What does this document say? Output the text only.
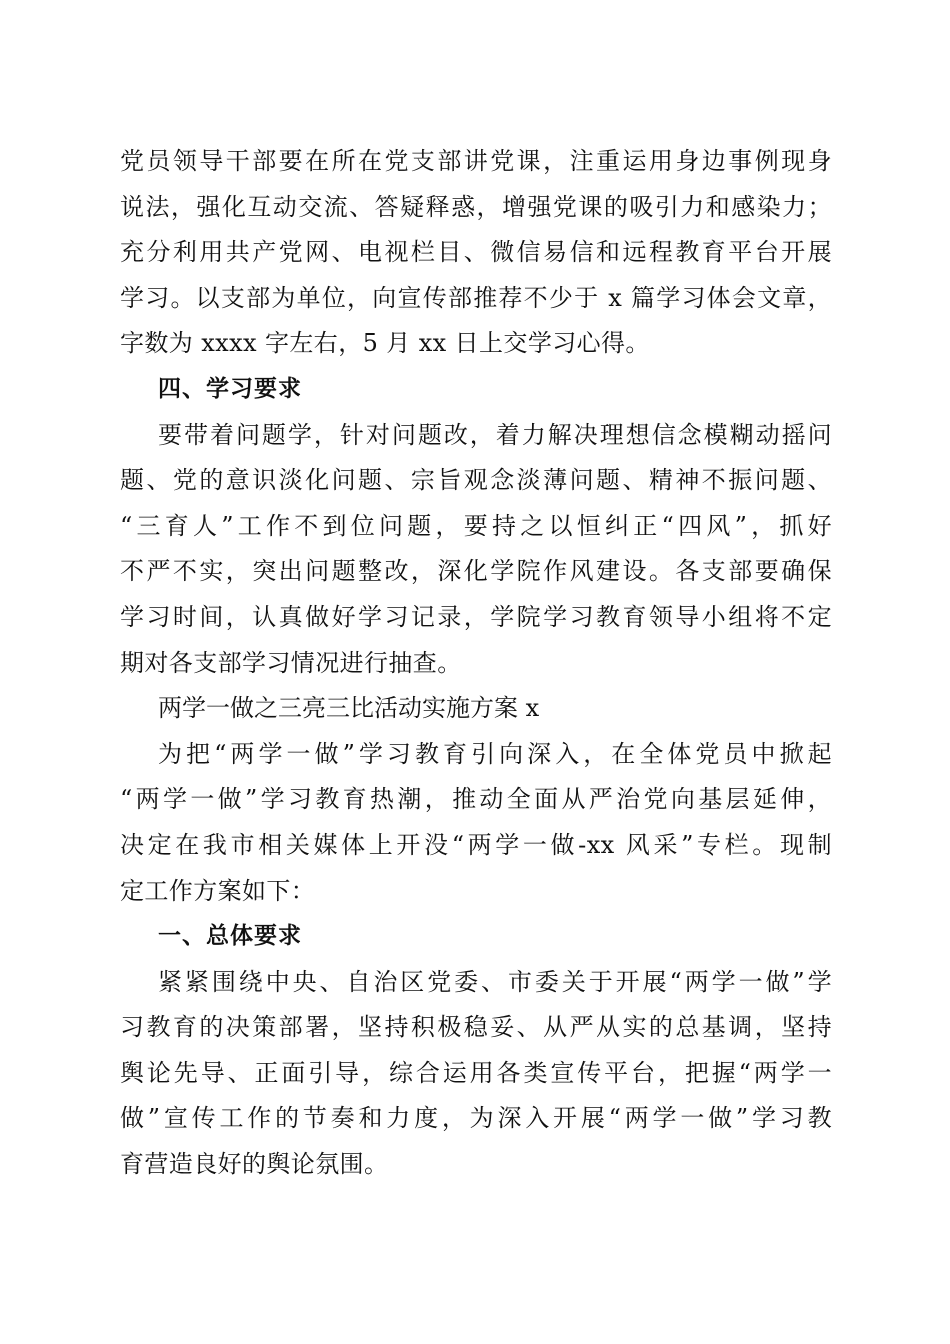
党员领导干部要在所在党支部讲党课，注重运用身边事例现身
说法，强化互动交流、答疑释惑，增强党课的吸引力和感染力；
充分利用共产党网、电视栏目、微信易信和远程教育平台开展
学习。以支部为单位，向宣传部推荐不少于 x 篇学习体会文章，
字数为 xxxx 字左右，5 月 xx 日上交学习心得。
四、学习要求
要带着问题学，针对问题改，着力解决理想信念模糊动摇问
题、党的意识淡化问题、宗旨观念淡薄问题、精神不振问题、
“三育人”工作不到位问题，要持之以恒纠正“四风”，抓好
不严不实，突出问题整改，深化学院作风建设。各支部要确保
学习时间，认真做好学习记录，学院学习教育领导小组将不定
期对各支部学习情况进行抽查。
两学一做之三亮三比活动实施方案 x
为把“两学一做”学习教育引向深入，在全体党员中掀起
“两学一做”学习教育热潮，推动全面从严治党向基层延伸，
决定在我市相关媒体上开没“两学一做-xx 风采”专栏。现制
定工作方案如下：
一、总体要求
紧紧围绕中央、自治区党委、市委关于开展“两学一做”学
习教育的决策部署，坚持积极稳妥、从严从实的总基调，坚持
舆论先导、正面引导，综合运用各类宣传平台，把握“两学一
做”宣传工作的节奏和力度，为深入开展“两学一做”学习教
育营造良好的舆论氛围。
